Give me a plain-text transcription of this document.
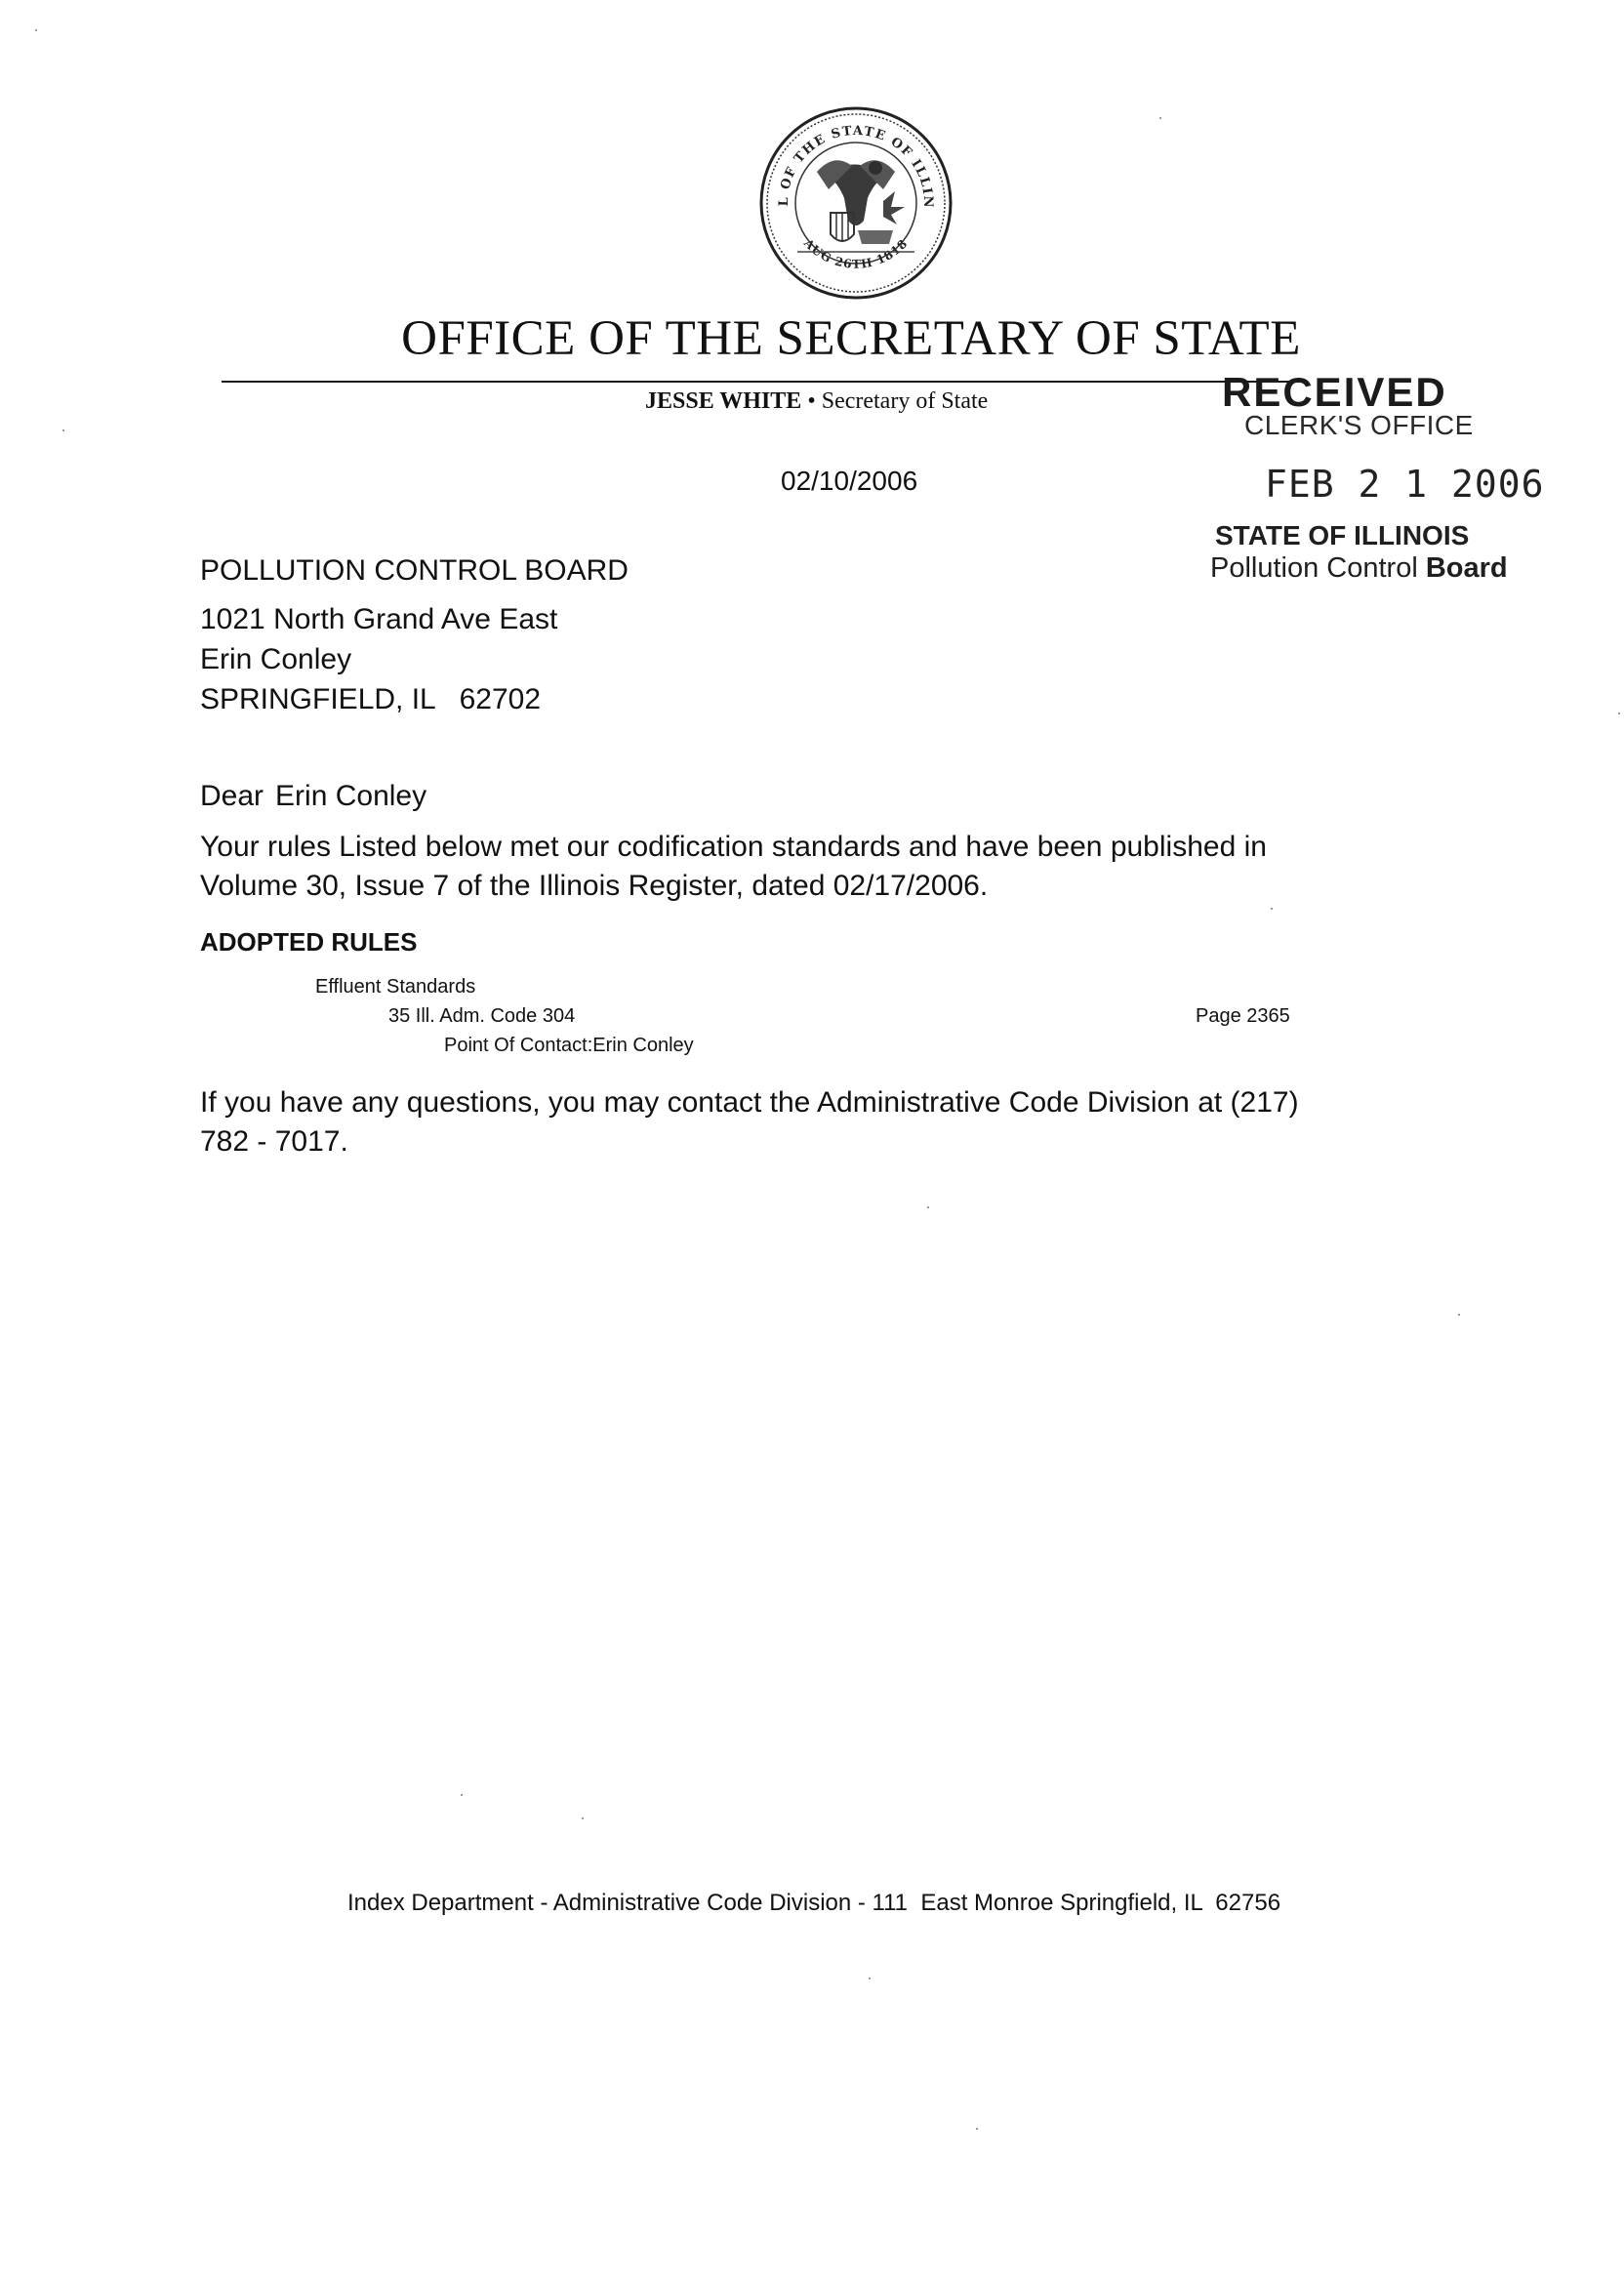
L OF THE STATE OF ILLIN
AUG 26TH 1818
OFFICE OF THE SECRETARY OF STATE
JESSE WHITE • Secretary of State	RECEIVED
CLERK'S OFFICE
FEB 2 1 2006
STATE OF ILLINOIS
Pollution Control Board
02/10/2006
POLLUTION CONTROL BOARD
1021 North Grand Ave East
Erin Conley
SPRINGFIELD, IL   62702
Dear Erin Conley
Your rules Listed below met our codification standards and have been published in Volume 30, Issue 7 of the Illinois Register, dated 02/17/2006.
ADOPTED RULES
Effluent Standards
35 Ill. Adm. Code 304
Point Of Contact:Erin Conley
Page 2365
If you have any questions, you may contact the Administrative Code Division at (217) 782 - 7017.
Index Department - Administrative Code Division - 111  East Monroe Springfield, IL  62756
